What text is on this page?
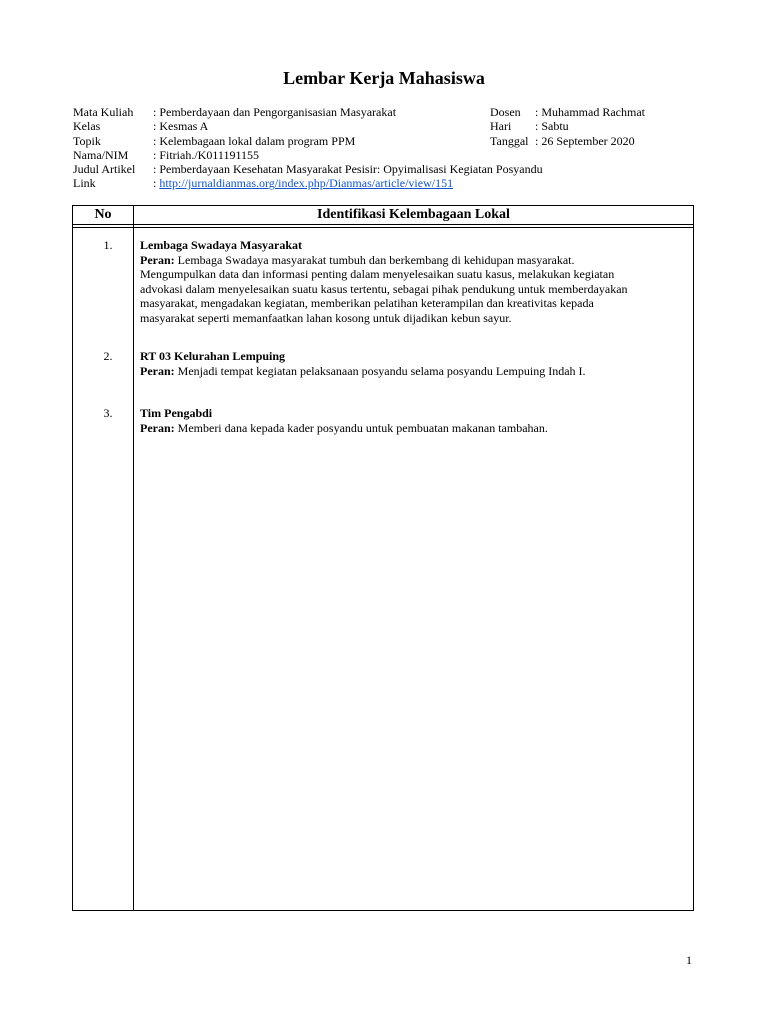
Lembar Kerja Mahasiswa
Mata Kuliah : Pemberdayaan dan Pengorganisasian Masyarakat	Dosen : Muhammad Rachmat
Kelas	: Kesmas A	Hari : Sabtu
Topik	: Kelembagaan lokal dalam program PPM	Tanggal : 26 September 2020
Nama/NIM : Fitriah./K011191155
Judul Artikel : Pemberdayaan Kesehatan Masyarakat Pesisir: Opyimalisasi Kegiatan Posyandu
Link	: http://jurnaldianmas.org/index.php/Dianmas/article/view/151
No	Identifikasi Kelembagaan Lokal
1.	Lembaga Swadaya Masyarakat
Peran: Lembaga Swadaya masyarakat tumbuh dan berkembang di kehidupan masyarakat.
Mengumpulkan data dan informasi penting dalam menyelesaikan suatu kasus, melakukan kegiatan
advokasi dalam menyelesaikan suatu kasus tertentu, sebagai pihak pendukung untuk memberdayakan
masyarakat, mengadakan kegiatan, memberikan pelatihan keterampilan dan kreativitas kepada
masyarakat seperti memanfaatkan lahan kosong untuk dijadikan kebun sayur.
2.	RT 03 Kelurahan Lempuing
Peran: Menjadi tempat kegiatan pelaksanaan posyandu selama posyandu Lempuing Indah I.
3.	Tim Pengabdi
Peran: Memberi dana kepada kader posyandu untuk pembuatan makanan tambahan.
1
